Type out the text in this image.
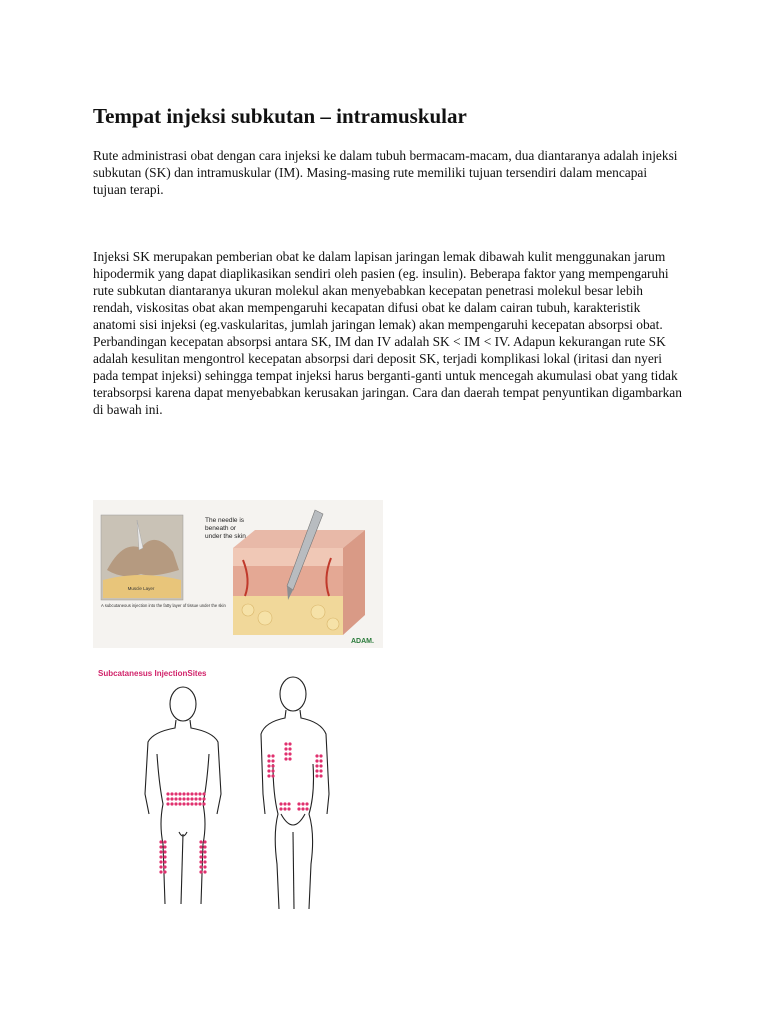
Tempat injeksi subkutan – intramuskular

Rute administrasi obat dengan cara injeksi ke dalam tubuh bermacam-macam, dua diantaranya adalah injeksi subkutan (SK) dan intramuskular (IM). Masing-masing rute memiliki tujuan tersendiri dalam mencapai tujuan terapi.

Injeksi SK merupakan pemberian obat ke dalam lapisan jaringan lemak dibawah kulit menggunakan jarum hipodermik yang dapat diaplikasikan sendiri oleh pasien (eg. insulin). Beberapa faktor yang mempengaruhi rute subkutan diantaranya ukuran molekul akan menyebabkan kecepatan penetrasi molekul besar lebih rendah, viskositas obat akan mempengaruhi kecapatan difusi obat ke dalam cairan tubuh, karakteristik anatomi sisi injeksi (eg.vaskularitas, jumlah jaringan lemak) akan mempengaruhi kecepatan absorpsi obat. Perbandingan kecepatan absorpsi antara SK, IM dan IV adalah SK < IM < IV. Adapun kekurangan rute SK adalah kesulitan mengontrol kecepatan absorpsi dari deposit SK, terjadi komplikasi lokal (iritasi dan nyeri pada tempat injeksi) sehingga tempat injeksi harus berganti-ganti untuk mencegah akumulasi obat yang tidak terabsorpsi karena dapat menyebabkan kerusakan jaringan. Cara dan daerah tempat penyuntikan digambarkan di bawah ini.

Muscle Layer
A subcutaneous injection into the fatty layer of tissue under the skin
The needle is
beneath or
under the skin
ADAM.
Subcatanesus InjectionSites
